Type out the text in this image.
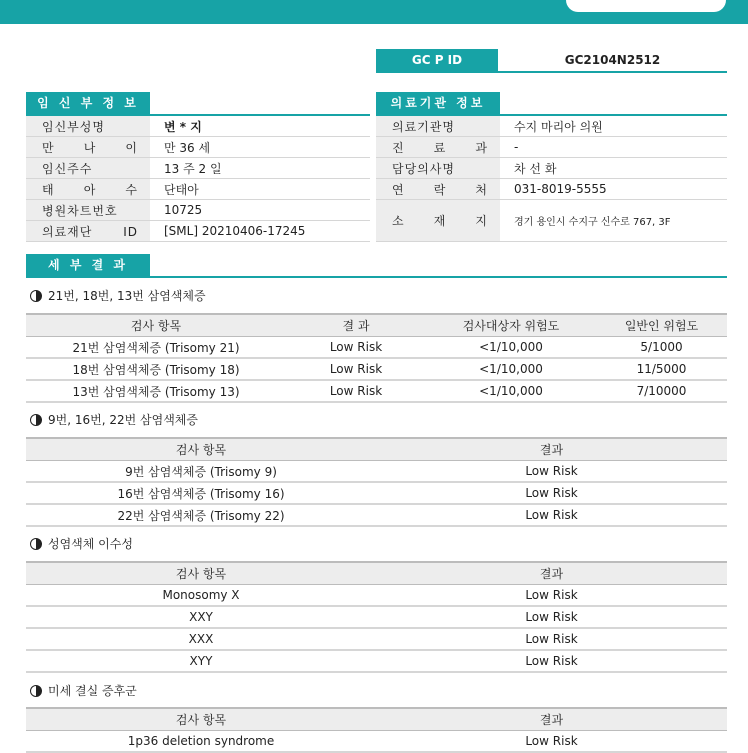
GC P ID	GC2104N2512
임 신 부 정 보
임신부성명	변 * 지
만 나 이	만 36 세
임신주수	13 주 2 일
태 아 수	단태아
병원차트번호	10725
의료재단 ID	[SML] 20210406-17245
의료기관 정보
의료기관명	수지 마리아 의원
진 료 과	-
담당의사명	차 선 화
연 락 처	031-8019-5555
소 재 지	경기 용인시 수지구 신수로 767, 3F
세 부 결 과
21번, 18번, 13번 삼염색체증
검사 항목	결 과	검사대상자 위험도	일반인 위험도
21번 삼염색체증 (Trisomy 21)	Low Risk	<1/10,000	5/1000
18번 삼염색체증 (Trisomy 18)	Low Risk	<1/10,000	11/5000
13번 삼염색체증 (Trisomy 13)	Low Risk	<1/10,000	7/10000
9번, 16번, 22번 삼염색체증
검사 항목	결과
9번 삼염색체증 (Trisomy 9)	Low Risk
16번 삼염색체증 (Trisomy 16)	Low Risk
22번 삼염색체증 (Trisomy 22)	Low Risk
성염색체 이수성
검사 항목	결과
Monosomy X	Low Risk
XXY	Low Risk
XXX	Low Risk
XYY	Low Risk
미세 결실 증후군
검사 항목	결과
1p36 deletion syndrome	Low Risk
